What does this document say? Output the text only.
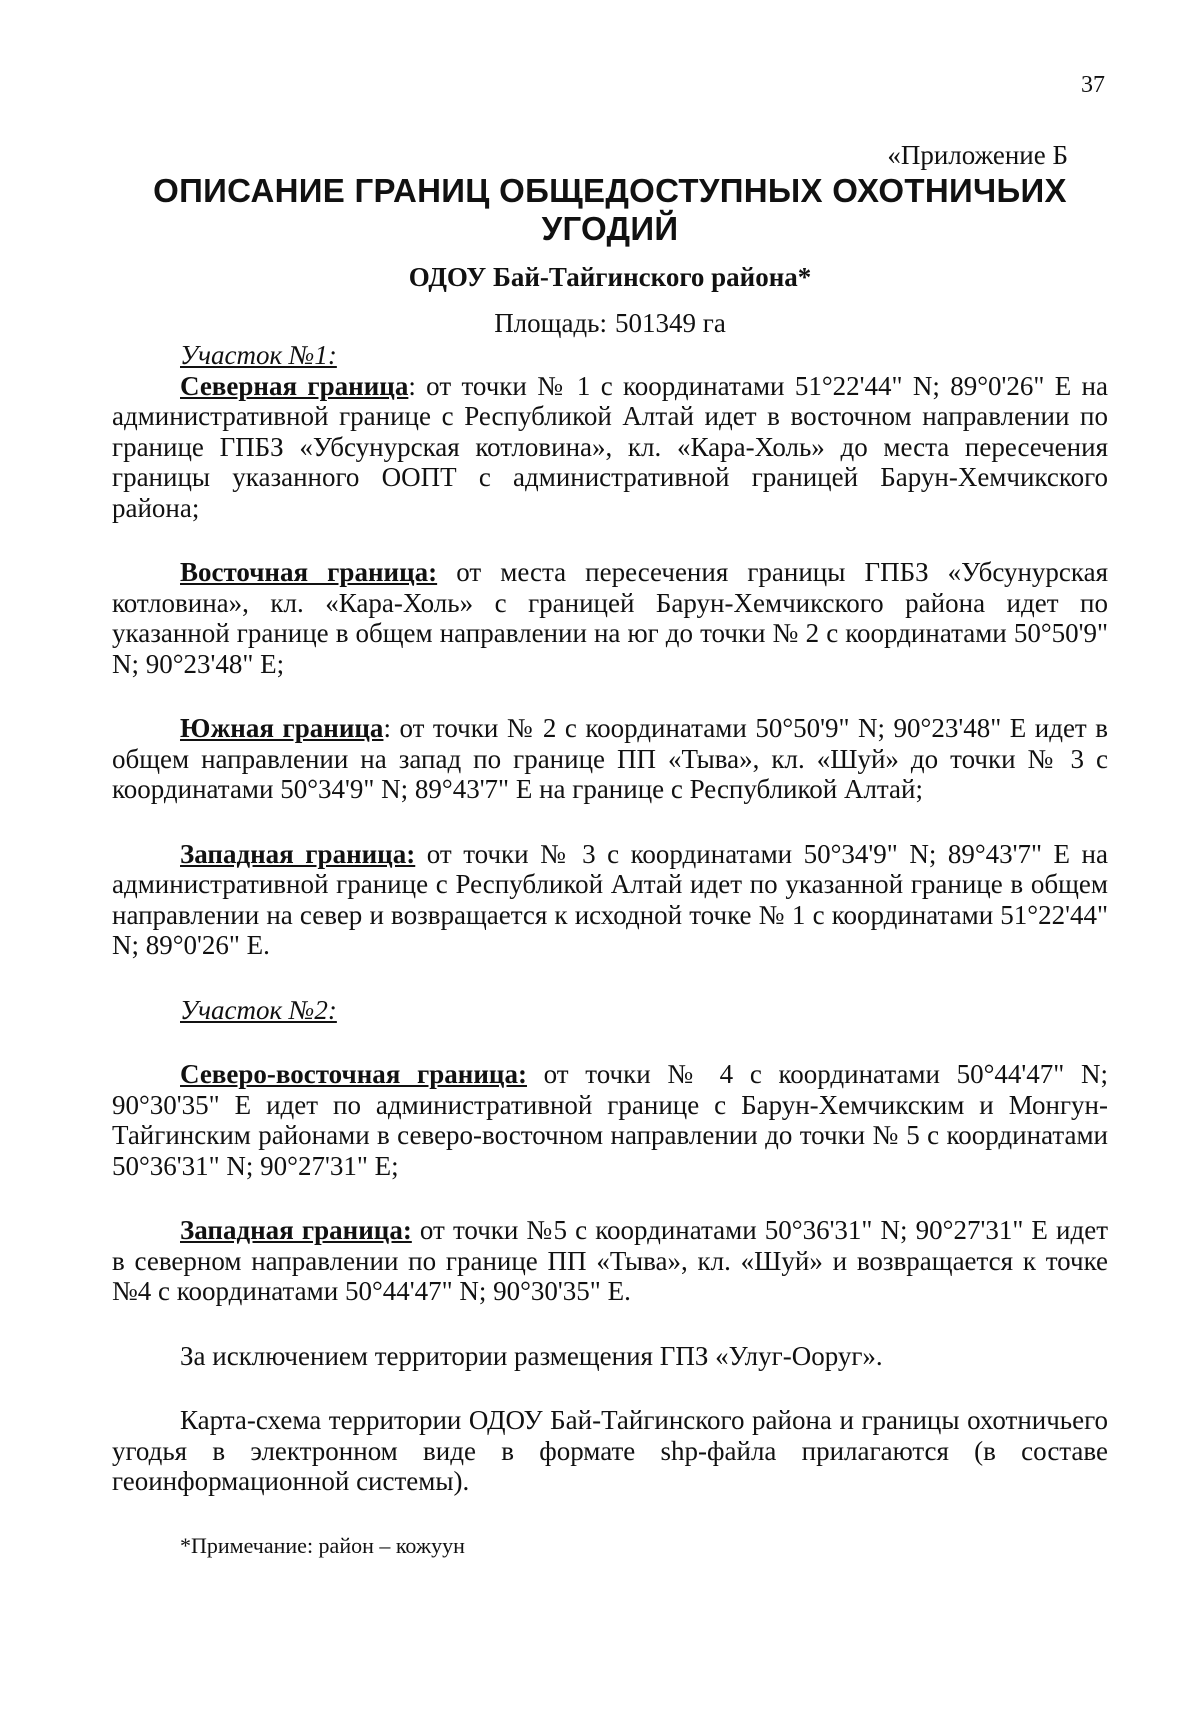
37
«Приложение Б
ОПИСАНИЕ ГРАНИЦ ОБЩЕДОСТУПНЫХ ОХОТНИЧЬИХ УГОДИЙ
ОДОУ Бай-Тайгинского района*
Площадь: 501349 га
Участок №1:

Северная граница: от точки № 1 с координатами 51°22'44" N; 89°0'26" E на административной границе с Республикой Алтай идет в восточном направлении по границе ГПБЗ «Убсунурская котловина», кл. «Кара-Холь» до места пересечения границы указанного ООПТ с административной границей Барун-Хемчикского района;

Восточная граница: от места пересечения границы ГПБЗ «Убсунурская котловина», кл. «Кара-Холь» с границей Барун-Хемчикского района идет по указанной границе в общем направлении на юг до точки № 2 с координатами 50°50'9" N; 90°23'48" E;

Южная граница: от точки № 2 с координатами 50°50'9" N; 90°23'48" E идет в общем направлении на запад по границе ПП «Тыва», кл. «Шуй» до точки № 3 с координатами 50°34'9" N; 89°43'7" E на границе с Республикой Алтай;

Западная граница: от точки № 3 с координатами 50°34'9" N; 89°43'7" E на административной границе с Республикой Алтай идет по указанной границе в общем направлении на север и возвращается к исходной точке № 1 с координатами 51°22'44" N; 89°0'26" E.

Участок №2:

Северо-восточная граница: от точки № 4 с координатами 50°44'47" N; 90°30'35" E идет по административной границе с Барун-Хемчикским и Монгун-Тайгинским районами в северо-восточном направлении до точки № 5 с координатами 50°36'31" N; 90°27'31" E;

Западная граница: от точки №5 с координатами 50°36'31" N; 90°27'31" E идет в северном направлении по границе ПП «Тыва», кл. «Шуй» и возвращается к точке №4 с координатами 50°44'47" N; 90°30'35" E.

За исключением территории размещения ГПЗ «Улуг-Ооруг».

Карта-схема территории ОДОУ Бай-Тайгинского района и границы охотничьего угодья в электронном виде в формате shp-файла прилагаются (в составе геоинформационной системы).

*Примечание: район – кожуун
